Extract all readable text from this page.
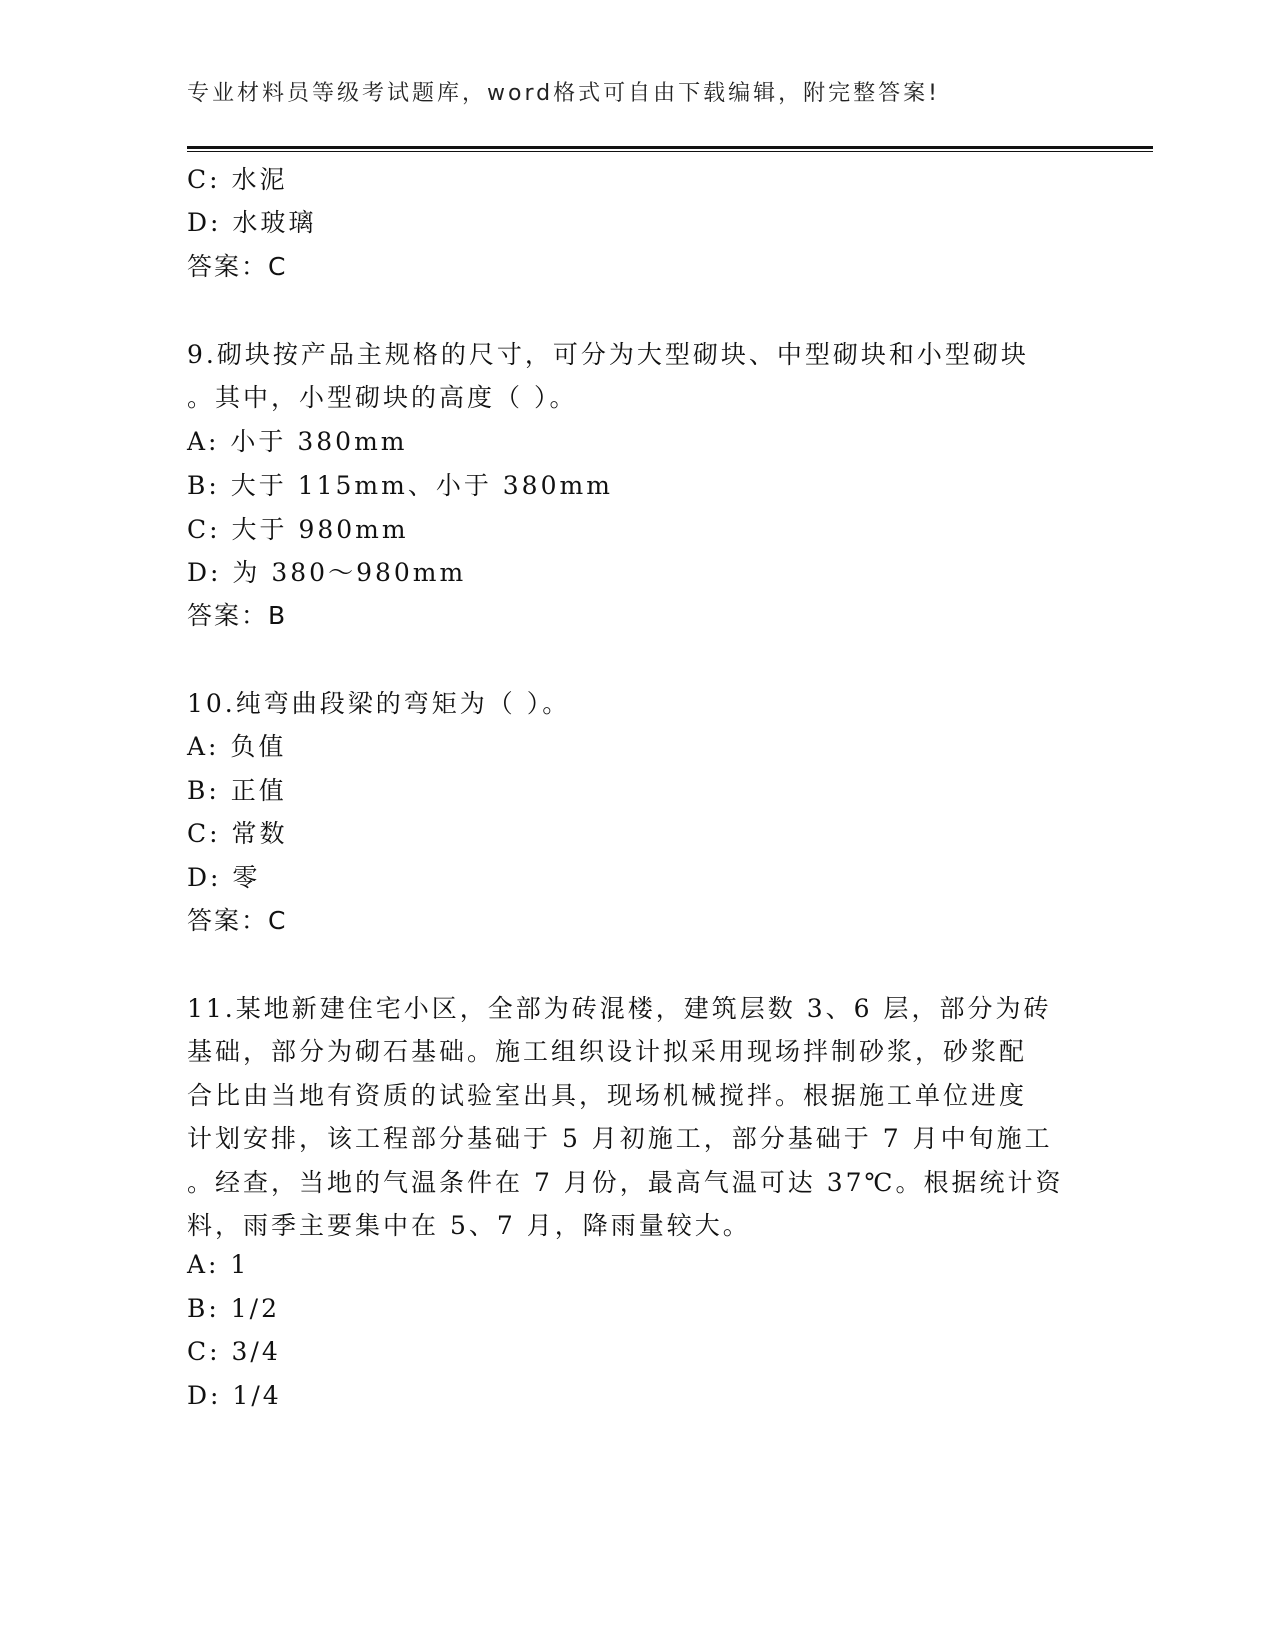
专业材料员等级考试题库，word格式可自由下载编辑，附完整答案!
C: 水泥
D: 水玻璃
答案：C
9.砌块按产品主规格的尺寸，可分为大型砌块、中型砌块和小型砌块
。其中，小型砌块的高度（ ）。
A: 小于 380mm
B: 大于 115mm、小于 380mm
C: 大于 980mm
D: 为 380～980mm
答案：B
10.纯弯曲段梁的弯矩为（ ）。
A: 负值
B: 正值
C: 常数
D: 零
答案：C
11.某地新建住宅小区，全部为砖混楼，建筑层数 3、6 层，部分为砖
基础，部分为砌石基础。施工组织设计拟采用现场拌制砂浆，砂浆配
合比由当地有资质的试验室出具，现场机械搅拌。根据施工单位进度
计划安排，该工程部分基础于 5 月初施工，部分基础于 7 月中旬施工
。经查，当地的气温条件在 7 月份，最高气温可达 37℃。根据统计资
料，雨季主要集中在 5、7 月，降雨量较大。
A: 1
B: 1/2
C: 3/4
D: 1/4
